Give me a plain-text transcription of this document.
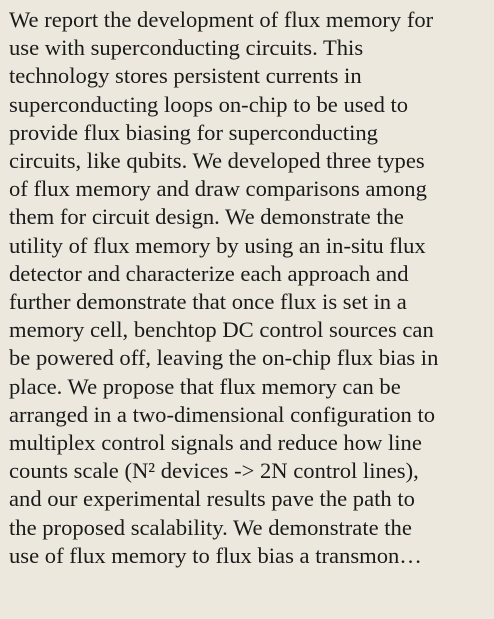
We report the development of flux memory for
use with superconducting circuits. This
technology stores persistent currents in
superconducting loops on-chip to be used to
provide flux biasing for superconducting
circuits, like qubits. We developed three types
of flux memory and draw comparisons among
them for circuit design. We demonstrate the
utility of flux memory by using an in-situ flux
detector and characterize each approach and
further demonstrate that once flux is set in a
memory cell, benchtop DC control sources can
be powered off, leaving the on-chip flux bias in
place. We propose that flux memory can be
arranged in a two-dimensional configuration to
multiplex control signals and reduce how line
counts scale (N² devices -> 2N control lines),
and our experimental results pave the path to
the proposed scalability. We demonstrate the
use of flux memory to flux bias a transmon…
